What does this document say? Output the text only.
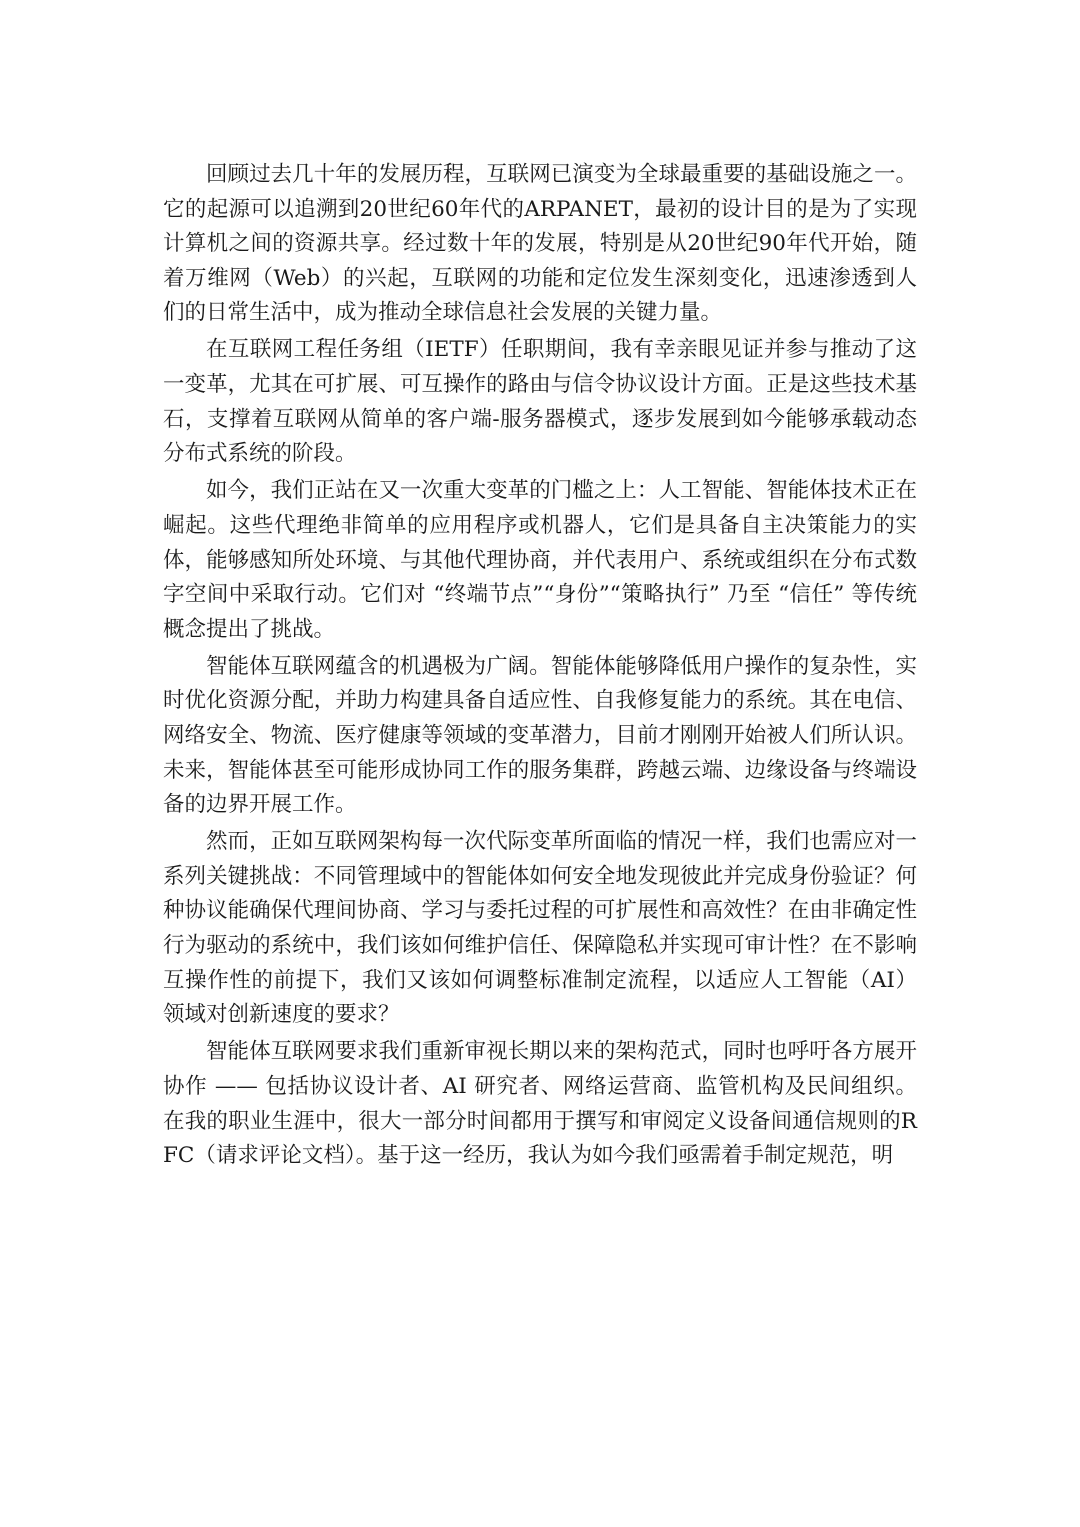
回顾过去几十年的发展历程，互联网已演变为全球最重要的基础设施之一。它的起源可以追溯到20世纪60年代的ARPANET，最初的设计目的是为了实现计算机之间的资源共享。经过数十年的发展，特别是从20世纪90年代开始，随着万维网（Web）的兴起，互联网的功能和定位发生深刻变化，迅速渗透到人们的日常生活中，成为推动全球信息社会发展的关键力量。

在互联网工程任务组（IETF）任职期间，我有幸亲眼见证并参与推动了这一变革，尤其在可扩展、可互操作的路由与信令协议设计方面。正是这些技术基石，支撑着互联网从简单的客户端-服务器模式，逐步发展到如今能够承载动态分布式系统的阶段。

如今，我们正站在又一次重大变革的门槛之上：人工智能、智能体技术正在崛起。这些代理绝非简单的应用程序或机器人，它们是具备自主决策能力的实体，能够感知所处环境、与其他代理协商，并代表用户、系统或组织在分布式数字空间中采取行动。它们对 “终端节点”“身份”“策略执行” 乃至 “信任” 等传统概念提出了挑战。

智能体互联网蕴含的机遇极为广阔。智能体能够降低用户操作的复杂性，实时优化资源分配，并助力构建具备自适应性、自我修复能力的系统。其在电信、网络安全、物流、医疗健康等领域的变革潜力，目前才刚刚开始被人们所认识。未来，智能体甚至可能形成协同工作的服务集群，跨越云端、边缘设备与终端设备的边界开展工作。

然而，正如互联网架构每一次代际变革所面临的情况一样，我们也需应对一系列关键挑战：不同管理域中的智能体如何安全地发现彼此并完成身份验证？何种协议能确保代理间协商、学习与委托过程的可扩展性和高效性？在由非确定性行为驱动的系统中，我们该如何维护信任、保障隐私并实现可审计性？在不影响互操作性的前提下，我们又该如何调整标准制定流程，以适应人工智能（AI）领域对创新速度的要求？

智能体互联网要求我们重新审视长期以来的架构范式，同时也呼吁各方展开协作 —— 包括协议设计者、AI 研究者、网络运营商、监管机构及民间组织。在我的职业生涯中，很大一部分时间都用于撰写和审阅定义设备间通信规则的RFC（请求评论文档）。基于这一经历，我认为如今我们亟需着手制定规范，明
